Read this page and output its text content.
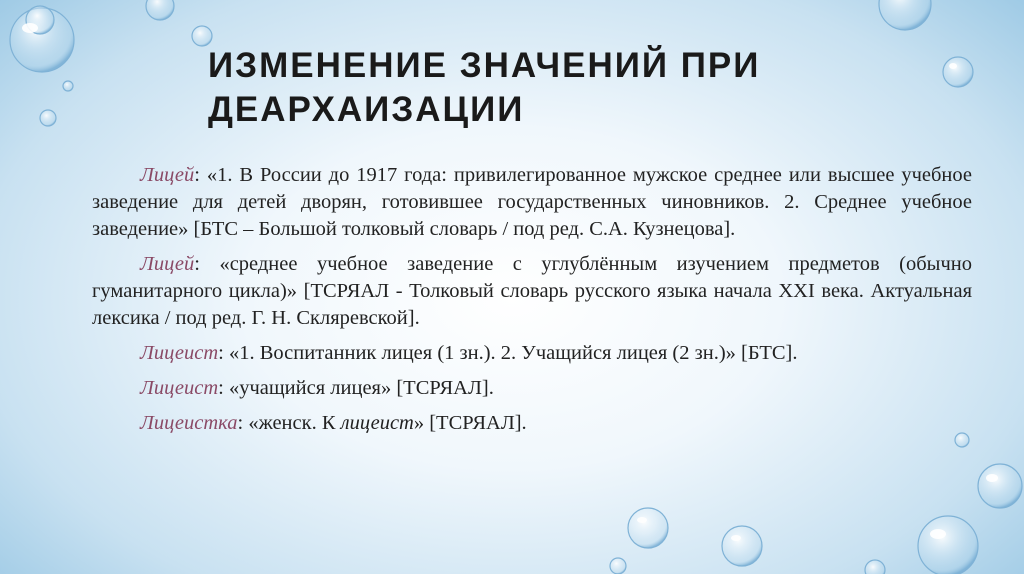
ИЗМЕНЕНИЕ ЗНАЧЕНИЙ ПРИ
ДЕАРХАИЗАЦИИ

Лицей: «1. В России до 1917 года: привилегированное мужское среднее или высшее учебное заведение для детей дворян, готовившее государственных чиновников. 2. Среднее учебное заведение» [БТС – Большой толковый словарь / под ред. С.А. Кузнецова].

Лицей: «среднее учебное заведение с углублённым изучением предметов (обычно гуманитарного цикла)» [ТСРЯАЛ - Толковый словарь русского языка начала XXI века. Актуальная лексика / под ред. Г. Н. Скляревской].

Лицеист: «1. Воспитанник лицея (1 зн.). 2. Учащийся лицея (2 зн.)» [БТС].

Лицеист: «учащийся лицея» [ТСРЯАЛ].

Лицеистка: «женск. К лицеист» [ТСРЯАЛ].
